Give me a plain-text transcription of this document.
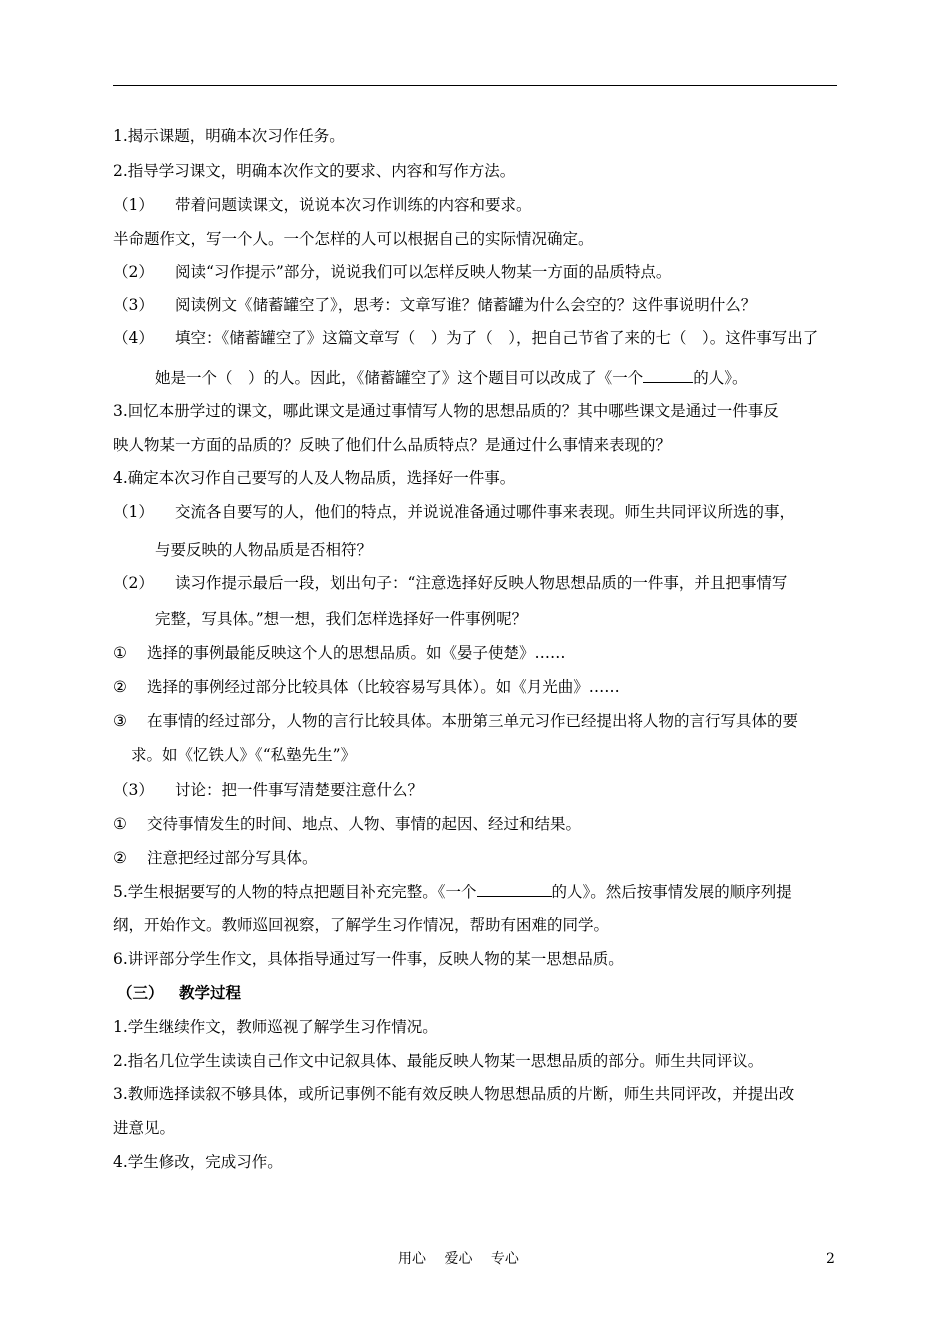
1.揭示课题，明确本次习作任务。
2.指导学习课文，明确本次作文的要求、内容和写作方法。
（1） 带着问题读课文，说说本次习作训练的内容和要求。
半命题作文，写一个人。一个怎样的人可以根据自己的实际情况确定。
（2） 阅读“习作提示”部分，说说我们可以怎样反映人物某一方面的品质特点。
（3） 阅读例文《储蓄罐空了》，思考：文章写谁？储蓄罐为什么会空的？这件事说明什么？
（4） 填空：《储蓄罐空了》这篇文章写（　）为了（　），把自己节省了来的七（　）。这件事写出了
她是一个（　）的人。因此，《储蓄罐空了》这个题目可以改成了《一个	的人》。
3.回忆本册学过的课文，哪此课文是通过事情写人物的思想品质的？其中哪些课文是通过一件事反
映人物某一方面的品质的？反映了他们什么品质特点？是通过什么事情来表现的？
4.确定本次习作自己要写的人及人物品质，选择好一件事。
（1） 交流各自要写的人，他们的特点，并说说准备通过哪件事来表现。师生共同评议所选的事，
与要反映的人物品质是否相符？
（2） 读习作提示最后一段，划出句子：“注意选择好反映人物思想品质的一件事，并且把事情写
完整，写具体。”想一想，我们怎样选择好一件事例呢？
① 选择的事例最能反映这个人的思想品质。如《晏子使楚》……
② 选择的事例经过部分比较具体（比较容易写具体）。如《月光曲》……
③ 在事情的经过部分，人物的言行比较具体。本册第三单元习作已经提出将人物的言行写具体的要
求。如《忆铁人》《“私塾先生”》
（3） 讨论：把一件事写清楚要注意什么？
① 交待事情发生的时间、地点、人物、事情的起因、经过和结果。
② 注意把经过部分写具体。
5.学生根据要写的人物的特点把题目补充完整。《一个	的人》。然后按事情发展的顺序列提
纲，开始作文。教师巡回视察，了解学生习作情况，帮助有困难的同学。
6.讲评部分学生作文，具体指导通过写一件事，反映人物的某一思想品质。
（三） 教学过程
1.学生继续作文，教师巡视了解学生习作情况。
2.指名几位学生读读自己作文中记叙具体、最能反映人物某一思想品质的部分。师生共同评议。
3.教师选择读叙不够具体，或所记事例不能有效反映人物思想品质的片断，师生共同评改，并提出改
进意见。
4.学生修改，完成习作。
用心　 爱心　 专心	2
